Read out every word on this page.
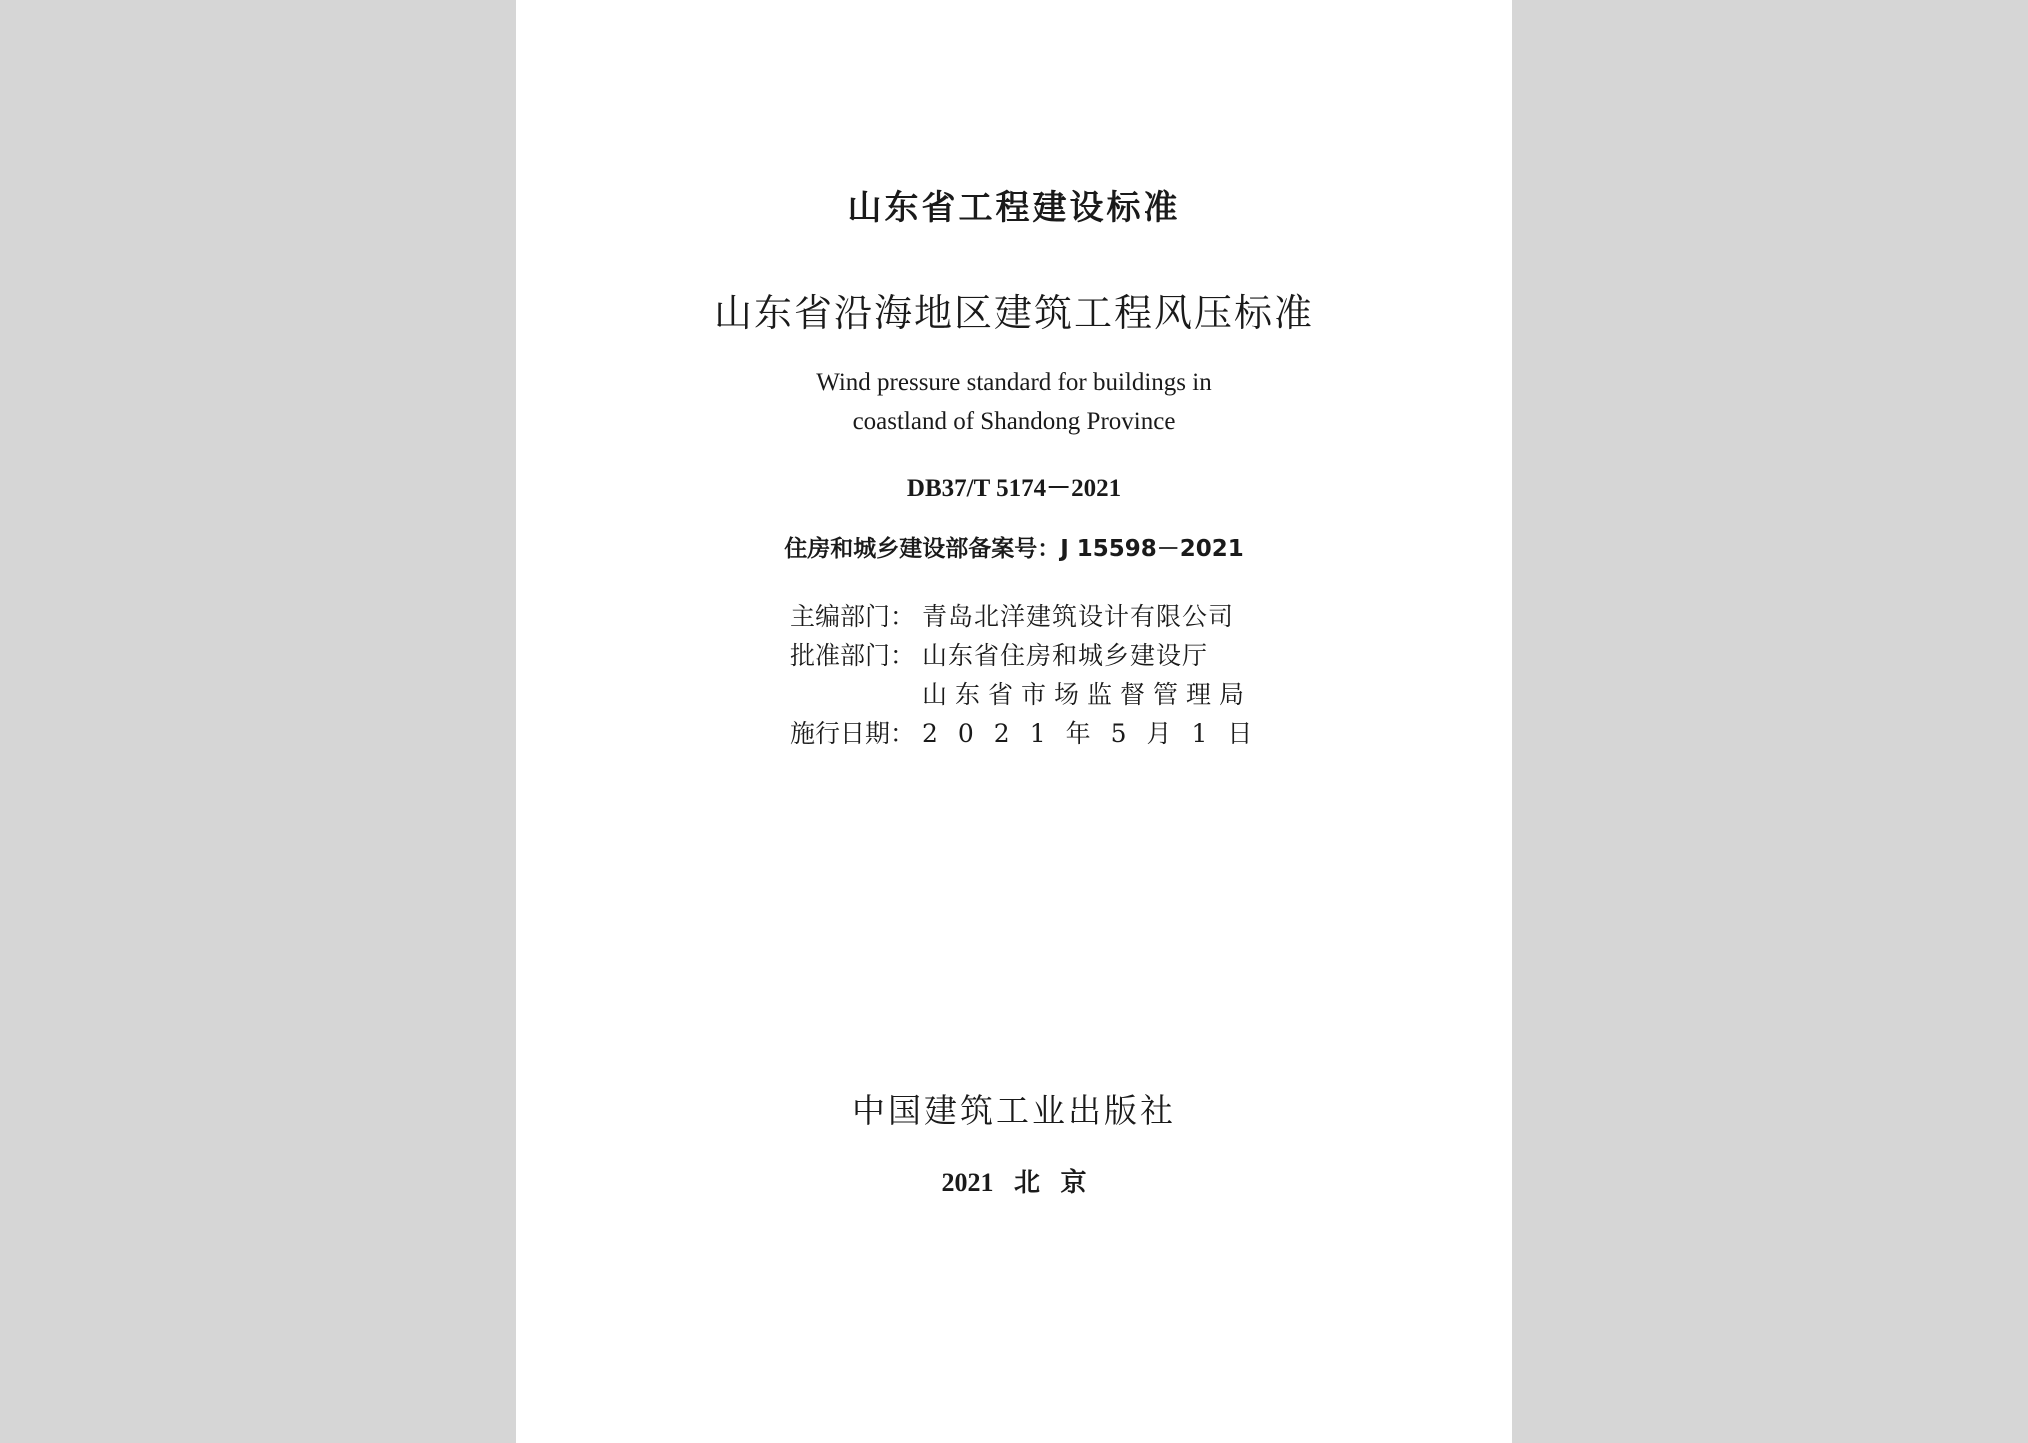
山东省工程建设标准
山东省沿海地区建筑工程风压标准
Wind pressure standard for buildings in
coastland of Shandong Province
DB37/T 5174－2021
住房和城乡建设部备案号：J 15598－2021
主编部门： 青岛北洋建筑设计有限公司
批准部门： 山东省住房和城乡建设厅
山东省市场监督管理局
施行日期： 2021年5月1日
中国建筑工业出版社
2021 北 京
